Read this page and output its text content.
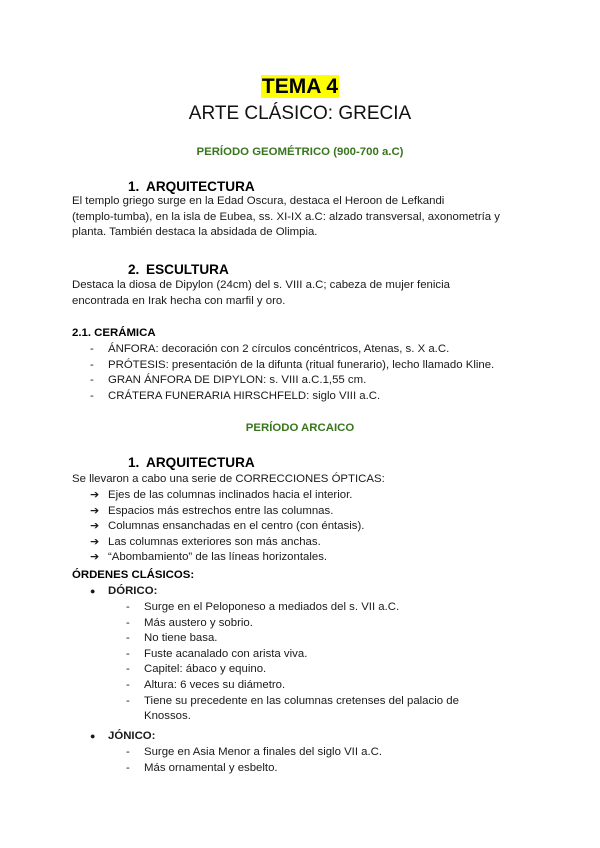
TEMA 4
ARTE CLÁSICO: GRECIA
PERÍODO GEOMÉTRICO (900-700 a.C)
1. ARQUITECTURA
El templo griego surge en la Edad Oscura, destaca el Heroon de Lefkandi
(templo-tumba), en la isla de Eubea, ss. XI-IX a.C: alzado transversal, axonometría y
planta. También destaca la absidada de Olimpia.
2. ESCULTURA
Destaca la diosa de Dipylon (24cm) del s. VIII a.C; cabeza de mujer fenicia
encontrada en Irak hecha con marfil y oro.
2.1. CERÁMICA
- ÁNFORA: decoración con 2 círculos concéntricos, Atenas, s. X a.C.
- PRÓTESIS: presentación de la difunta (ritual funerario), lecho llamado Kline.
- GRAN ÁNFORA DE DIPYLON: s. VIII a.C.1,55 cm.
- CRÁTERA FUNERARIA HIRSCHFELD: siglo VIII a.C.
PERÍODO ARCAICO
1. ARQUITECTURA
Se llevaron a cabo una serie de CORRECCIONES ÓPTICAS:
➔ Ejes de las columnas inclinados hacia el interior.
➔ Espacios más estrechos entre las columnas.
➔ Columnas ensanchadas en el centro (con éntasis).
➔ Las columnas exteriores son más anchas.
➔ “Abombamiento” de las líneas horizontales.
ÓRDENES CLÁSICOS:
● DÓRICO:
- Surge en el Peloponeso a mediados del s. VII a.C.
- Más austero y sobrio.
- No tiene basa.
- Fuste acanalado con arista viva.
- Capitel: ábaco y equino.
- Altura: 6 veces su diámetro.
- Tiene su precedente en las columnas cretenses del palacio de
Knossos.
● JÓNICO:
- Surge en Asia Menor a finales del siglo VII a.C.
- Más ornamental y esbelto.
